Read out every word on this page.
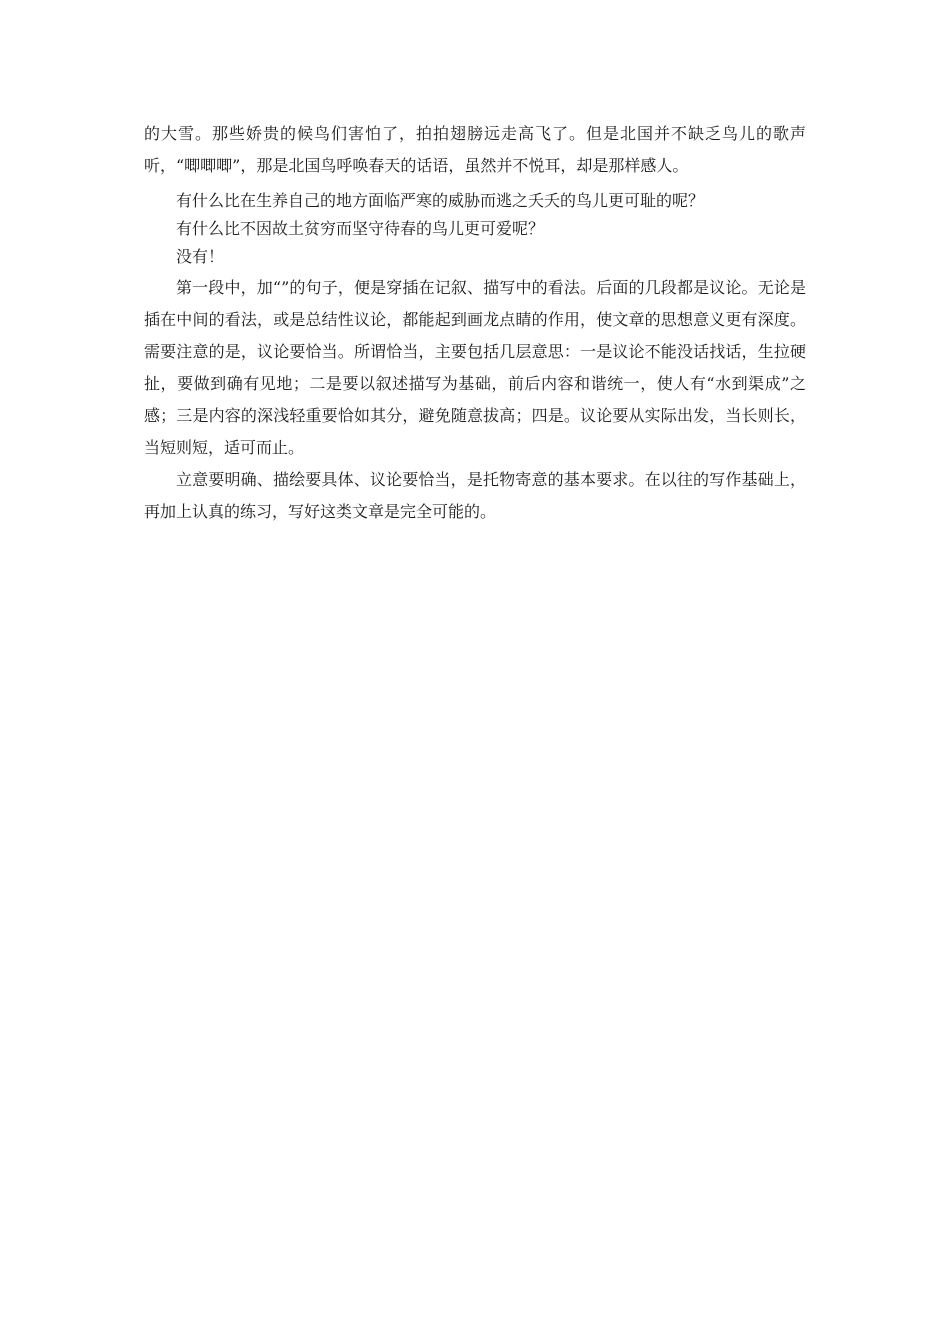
的大雪。那些娇贵的候鸟们害怕了，拍拍翅膀远走高飞了。但是北国并不缺乏鸟儿的歌声听，“唧唧唧”，那是北国鸟呼唤春天的话语，虽然并不悦耳，却是那样感人。

有什么比在生养自己的地方面临严寒的威胁而逃之夭夭的鸟儿更可耻的呢？

有什么比不因故土贫穷而坚守待春的鸟儿更可爱呢？

没有！

第一段中，加“”的句子，便是穿插在记叙、描写中的看法。后面的几段都是议论。无论是插在中间的看法，或是总结性议论，都能起到画龙点睛的作用，使文章的思想意义更有深度。需要注意的是，议论要恰当。所谓恰当，主要包括几层意思：一是议论不能没话找话，生拉硬扯，要做到确有见地；二是要以叙述描写为基础，前后内容和谐统一，使人有“水到渠成”之感；三是内容的深浅轻重要恰如其分，避免随意拔高；四是。议论要从实际出发，当长则长，当短则短，适可而止。

立意要明确、描绘要具体、议论要恰当，是托物寄意的基本要求。在以往的写作基础上，再加上认真的练习，写好这类文章是完全可能的。
